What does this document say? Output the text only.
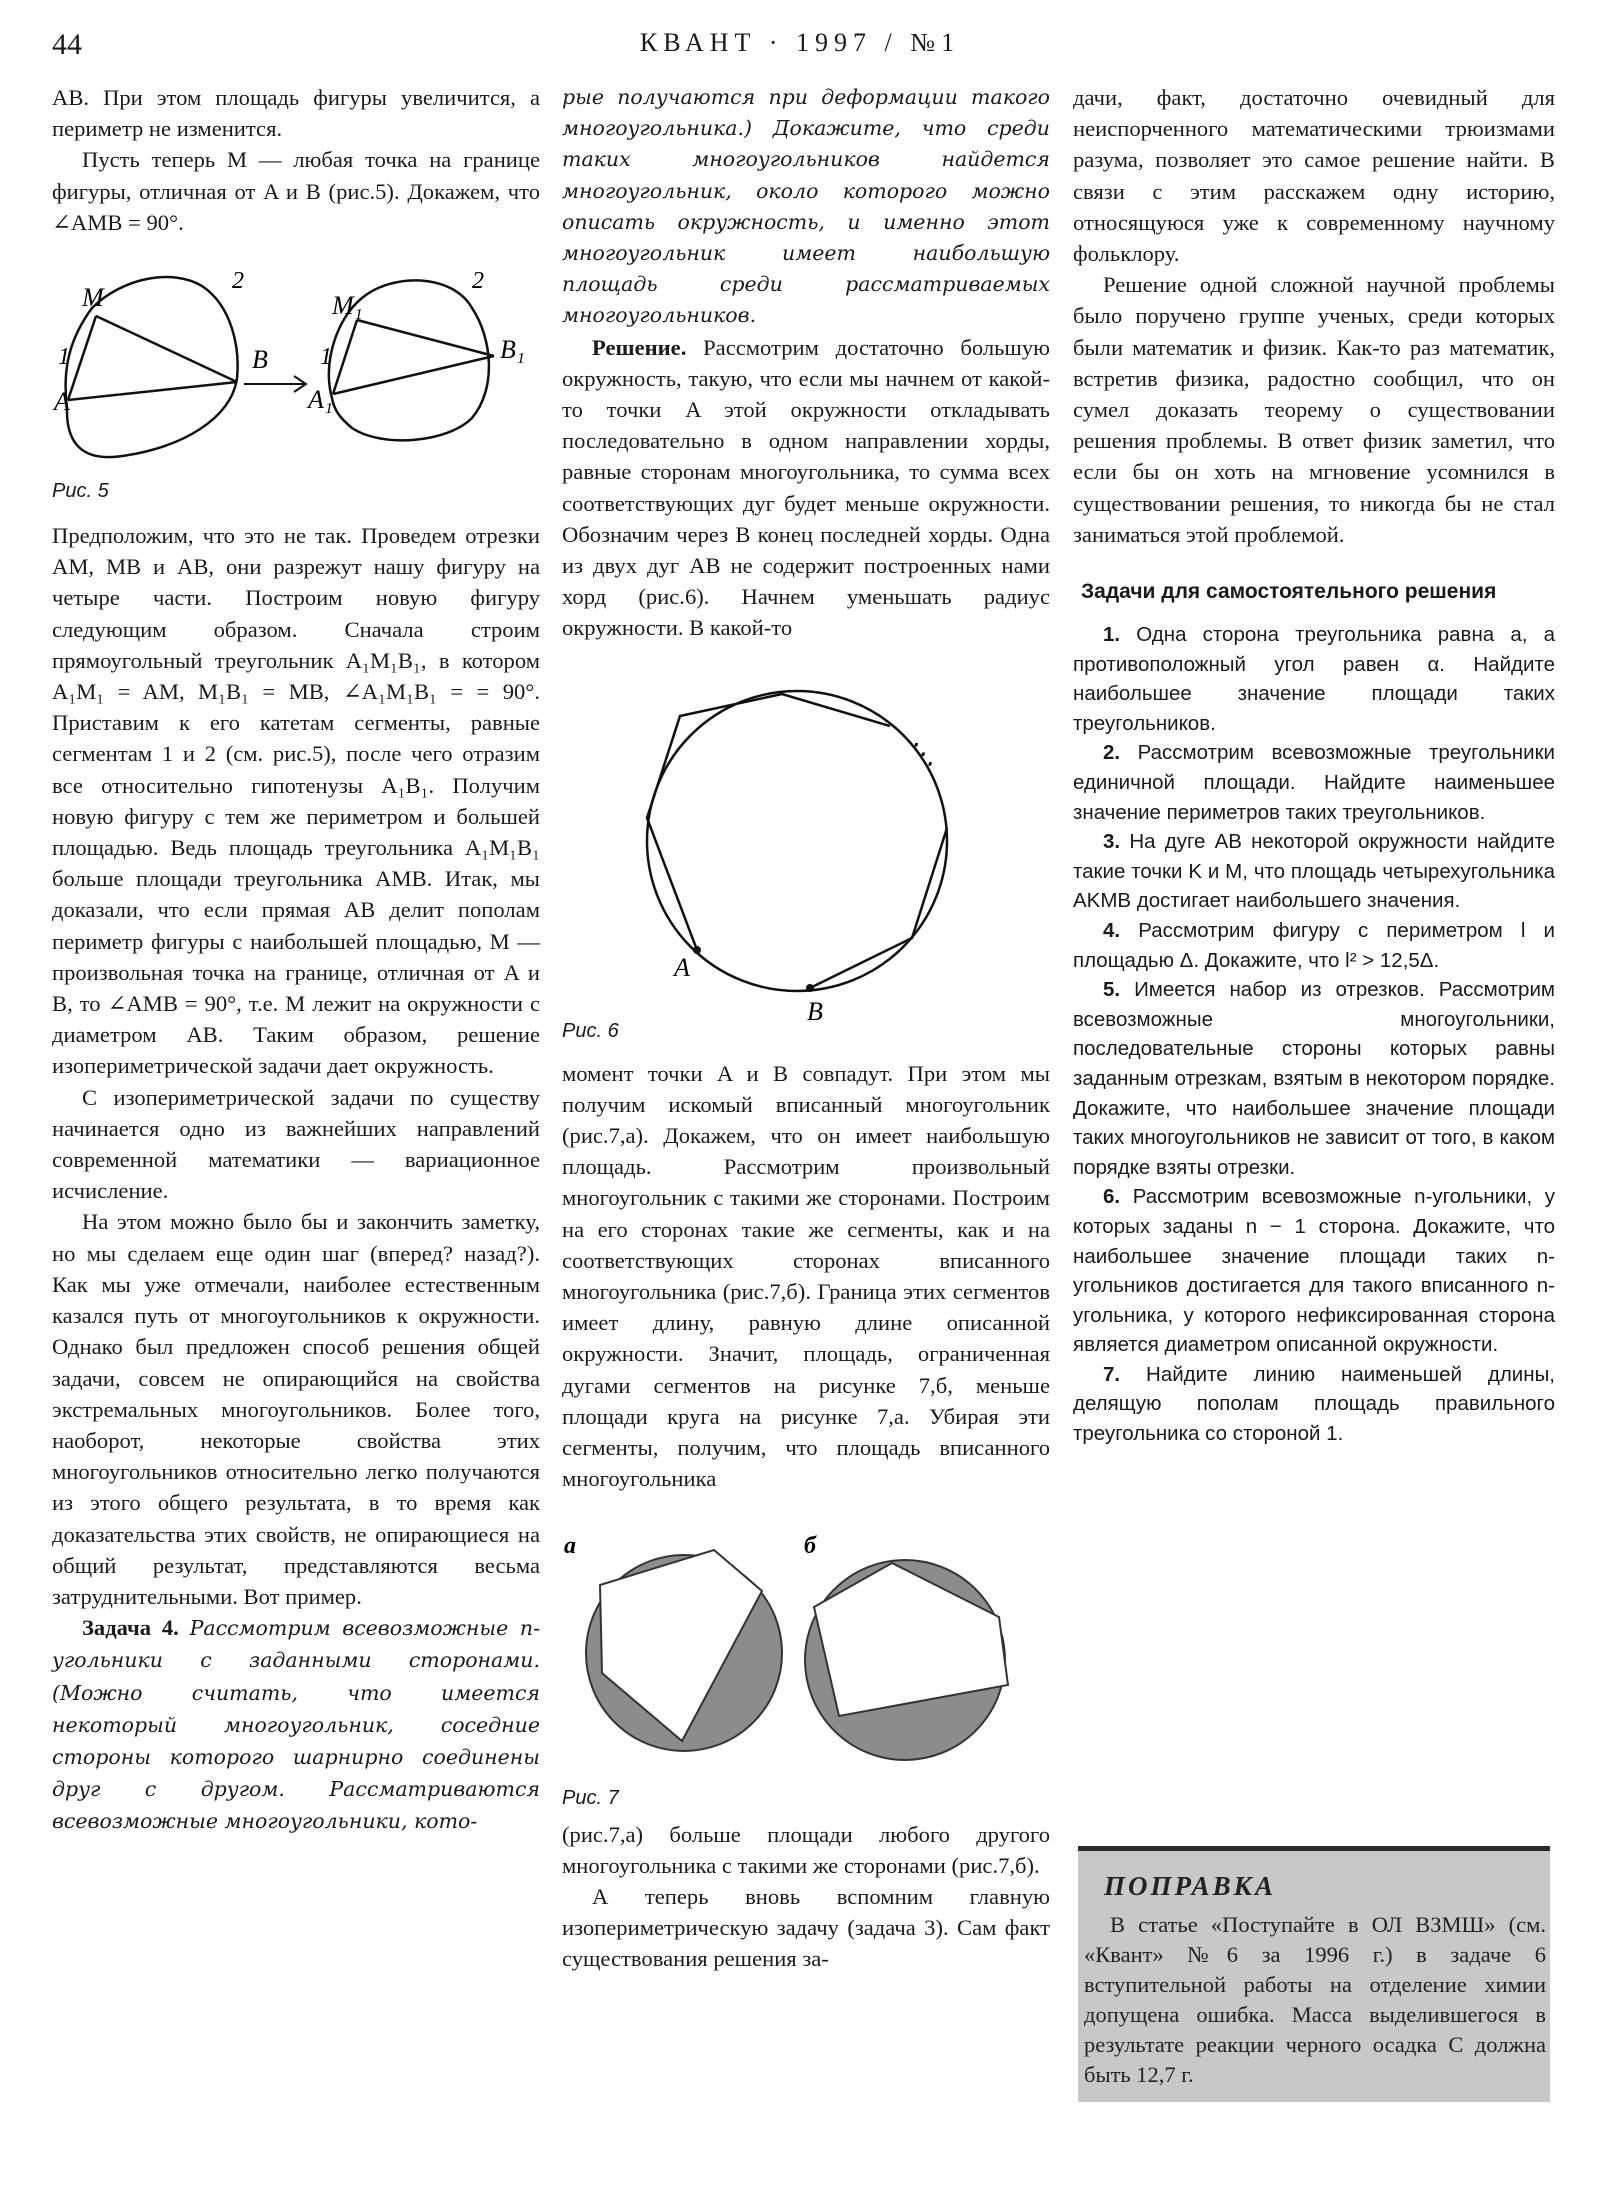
44	КВАНТ · 1997 / №1

AB. При этом площадь фигуры увеличится, а периметр не изменится.

Пусть теперь M — любая точка на границе фигуры, отличная от A и B (рис.5). Докажем, что ∠AMB = 90°.

M
A
B
1
2
M₁
A₁
B₁
1
2
Рис. 5

Предположим, что это не так. Проведем отрезки AM, MB и AB, они разрежут нашу фигуру на четыре части. Построим новую фигуру следующим образом. Сначала строим прямоугольный треугольник A₁M₁B₁, в котором A₁M₁ = AM, M₁B₁ = MB, ∠A₁M₁B₁ = = 90°. Приставим к его катетам сегменты, равные сегментам 1 и 2 (см. рис.5), после чего отразим все относительно гипотенузы A₁B₁. Получим новую фигуру с тем же периметром и большей площадью. Ведь площадь треугольника A₁M₁B₁ больше площади треугольника AMB. Итак, мы доказали, что если прямая AB делит пополам периметр фигуры с наибольшей площадью, M — произвольная точка на границе, отличная от A и B, то ∠AMB = 90°, т.е. M лежит на окружности с диаметром AB. Таким образом, решение изопериметрической задачи дает окружность.

С изопериметрической задачи по существу начинается одно из важнейших направлений современной математики — вариационное исчисление.

На этом можно было бы и закончить заметку, но мы сделаем еще один шаг (вперед? назад?). Как мы уже отмечали, наиболее естественным казался путь от многоугольников к окружности. Однако был предложен способ решения общей задачи, совсем не опирающийся на свойства экстремальных многоугольников. Более того, наоборот, некоторые свойства этих многоугольников относительно легко получаются из этого общего результата, в то время как доказательства этих свойств, не опирающиеся на общий результат, представляются весьма затруднительными. Вот пример.

Задача 4. Рассмотрим всевозможные n-угольники с заданными сторонами. (Можно считать, что имеется некоторый многоугольник, соседние стороны которого шарнирно соединены друг с другом. Рассматриваются всевозможные многоугольники, кото-

рые получаются при деформации такого многоугольника.) Докажите, что среди таких многоугольников найдется многоугольник, около которого можно описать окружность, и именно этот многоугольник имеет наибольшую площадь среди рассматриваемых многоугольников.

Решение. Рассмотрим достаточно большую окружность, такую, что если мы начнем от какой-то точки A этой окружности откладывать последовательно в одном направлении хорды, равные сторонам многоугольника, то сумма всех соответствующих дуг будет меньше окружности. Обозначим через B конец последней хорды. Одна из двух дуг AB не содержит построенных нами хорд (рис.6). Начнем уменьшать радиус окружности. В какой-то

⋱
A
B
Рис. 6

момент точки A и B совпадут. При этом мы получим искомый вписанный многоугольник (рис.7,а). Докажем, что он имеет наибольшую площадь. Рассмотрим произвольный многоугольник с такими же сторонами. Построим на его сторонах такие же сегменты, как и на соответствующих сторонах вписанного многоугольника (рис.7,б). Граница этих сегментов имеет длину, равную длине описанной окружности. Значит, площадь, ограниченная дугами сегментов на рисунке 7,б, меньше площади круга на рисунке 7,а. Убирая эти сегменты, получим, что площадь вписанного многоугольника

а	б
Рис. 7

(рис.7,а) больше площади любого другого многоугольника с такими же сторонами (рис.7,б).

А теперь вновь вспомним главную изопериметрическую задачу (задача 3). Сам факт существования решения за-

дачи, факт, достаточно очевидный для неиспорченного математическими трюизмами разума, позволяет это самое решение найти. В связи с этим расскажем одну историю, относящуюся уже к современному научному фольклору.

Решение одной сложной научной проблемы было поручено группе ученых, среди которых были математик и физик. Как-то раз математик, встретив физика, радостно сообщил, что он сумел доказать теорему о существовании решения проблемы. В ответ физик заметил, что если бы он хоть на мгновение усомнился в существовании решения, то никогда бы не стал заниматься этой проблемой.

Задачи для самостоятельного решения

1. Одна сторона треугольника равна a, а противоположный угол равен α. Найдите наибольшее значение площади таких треугольников.

2. Рассмотрим всевозможные треугольники единичной площади. Найдите наименьшее значение периметров таких треугольников.

3. На дуге AB некоторой окружности найдите такие точки K и M, что площадь четырехугольника AKMB достигает наибольшего значения.

4. Рассмотрим фигуру с периметром l и площадью Δ. Докажите, что l² > 12,5Δ.

5. Имеется набор из отрезков. Рассмотрим всевозможные многоугольники, последовательные стороны которых равны заданным отрезкам, взятым в некотором порядке. Докажите, что наибольшее значение площади таких многоугольников не зависит от того, в каком порядке взяты отрезки.

6. Рассмотрим всевозможные n-угольники, у которых заданы n − 1 сторона. Докажите, что наибольшее значение площади таких n-угольников достигается для такого вписанного n-угольника, у которого нефиксированная сторона является диаметром описанной окружности.

7. Найдите линию наименьшей длины, делящую пополам площадь правильного треугольника со стороной 1.

ПОПРАВКА

В статье «Поступайте в ОЛ ВЗМШ» (см. «Квант» №6 за 1996 г.) в задаче 6 вступительной работы на отделение химии допущена ошибка. Масса выделившегося в результате реакции черного осадка C должна быть 12,7 г.
